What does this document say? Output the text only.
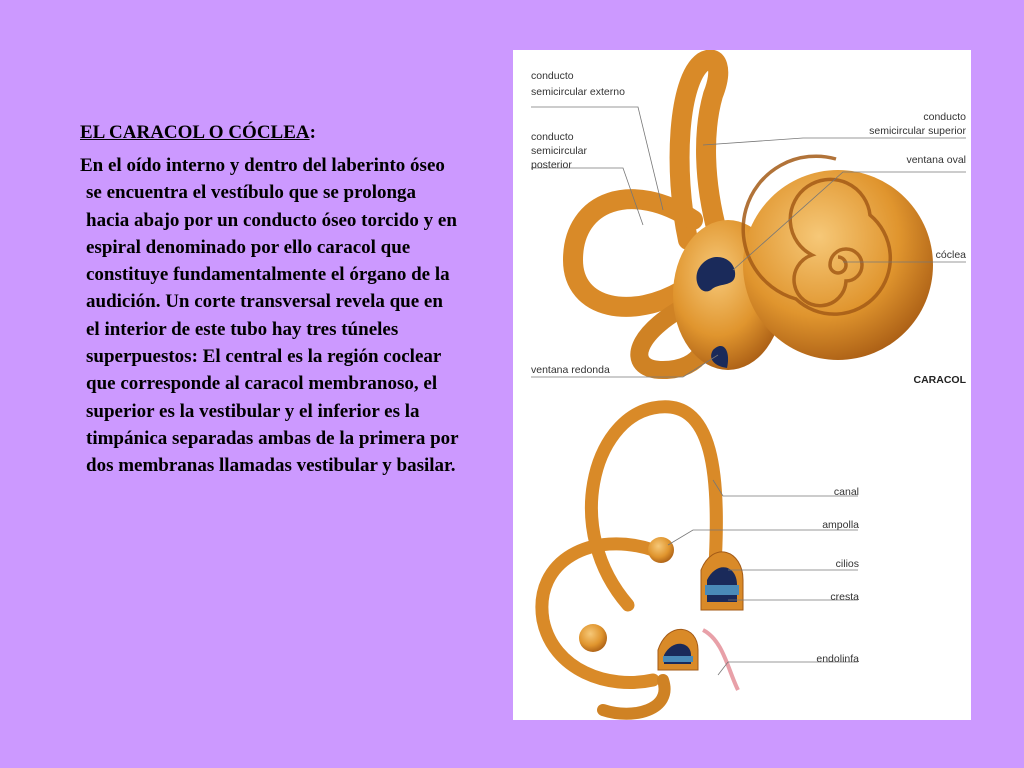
EL CARACOL O CÓCLEA:

En el oído interno y dentro del laberinto óseo se encuentra el vestíbulo que se prolonga hacia abajo por un conducto óseo torcido y en espiral denominado por ello caracol que constituye fundamentalmente el órgano de la audición. Un corte transversal revela que en el interior de este tubo hay tres túneles superpuestos: El central es la región coclear que corresponde al caracol membranoso, el superior es la vestibular y el inferior es la timpánica separadas ambas de la primera por dos membranas llamadas vestibular y basilar.

conducto
semicircular externo
conducto
semicircular superior
conducto
semicircular
posterior	ventana oval
cóclea
ventana redonda
CARACOL
canal
ampolla
cilios
cresta
endolinfa
